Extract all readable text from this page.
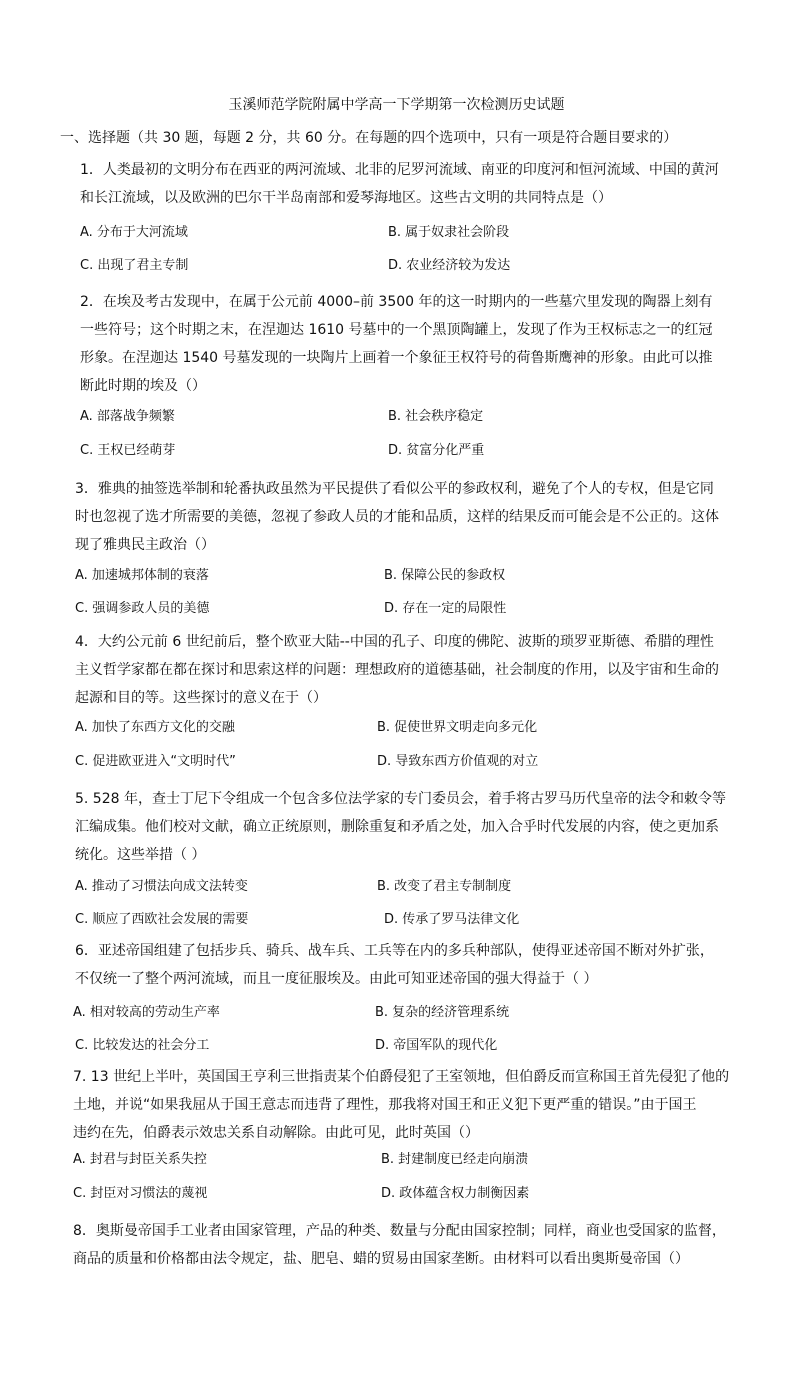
玉溪师范学院附属中学高一下学期第一次检测历史试题
一、选择题（共 30 题，每题 2 分，共 60 分。在每题的四个选项中，只有一项是符合题目要求的）

1．人类最初的文明分布在西亚的两河流域、北非的尼罗河流域、南亚的印度河和恒河流域、中国的黄河

和长江流域，以及欧洲的巴尔干半岛南部和爱琴海地区。这些古文明的共同特点是（）

A. 分布于大河流域	B. 属于奴隶社会阶段
C. 出现了君主专制	D. 农业经济较为发达

2．在埃及考古发现中，在属于公元前 4000–前 3500 年的这一时期内的一些墓穴里发现的陶器上刻有

一些符号；这个时期之末，在涅迦达 1610 号墓中的一个黑顶陶罐上，发现了作为王权标志之一的红冠

形象。在涅迦达 1540 号墓发现的一块陶片上画着一个象征王权符号的荷鲁斯鹰神的形象。由此可以推

断此时期的埃及（）

A. 部落战争频繁	B. 社会秩序稳定
C. 王权已经萌芽	D. 贫富分化严重

3．雅典的抽签选举制和轮番执政虽然为平民提供了看似公平的参政权利，避免了个人的专权，但是它同

时也忽视了选才所需要的美德，忽视了参政人员的才能和品质，这样的结果反而可能会是不公正的。这体

现了雅典民主政治（）

A. 加速城邦体制的衰落	B. 保障公民的参政权
C. 强调参政人员的美德	D. 存在一定的局限性

4．大约公元前 6 世纪前后，整个欧亚大陆--中国的孔子、印度的佛陀、波斯的琐罗亚斯德、希腊的理性

主义哲学家都在都在探讨和思索这样的问题：理想政府的道德基础，社会制度的作用，以及宇宙和生命的

起源和目的等。这些探讨的意义在于（）

A. 加快了东西方文化的交融	B. 促使世界文明走向多元化
C. 促进欧亚进入“文明时代”	D. 导致东西方价值观的对立

5. 528 年，查士丁尼下令组成一个包含多位法学家的专门委员会，着手将古罗马历代皇帝的法令和敕令等

汇编成集。他们校对文献，确立正统原则，删除重复和矛盾之处，加入合乎时代发展的内容，使之更加系

统化。这些举措（ ）

A. 推动了习惯法向成文法转变	B. 改变了君主专制制度
C. 顺应了西欧社会发展的需要	D. 传承了罗马法律文化

6．亚述帝国组建了包括步兵、骑兵、战车兵、工兵等在内的多兵种部队，使得亚述帝国不断对外扩张，

不仅统一了整个两河流域，而且一度征服埃及。由此可知亚述帝国的强大得益于（ ）

A. 相对较高的劳动生产率	B. 复杂的经济管理系统
C. 比较发达的社会分工	D. 帝国军队的现代化

7. 13 世纪上半叶，英国国王亨利三世指责某个伯爵侵犯了王室领地，但伯爵反而宣称国王首先侵犯了他的

土地，并说“如果我屈从于国王意志而违背了理性，那我将对国王和正义犯下更严重的错误。”由于国王

违约在先，伯爵表示效忠关系自动解除。由此可见，此时英国（）

A. 封君与封臣关系失控	B. 封建制度已经走向崩溃
C. 封臣对习惯法的蔑视	D. 政体蕴含权力制衡因素

8．奥斯曼帝国手工业者由国家管理，产品的种类、数量与分配由国家控制；同样，商业也受国家的监督，

商品的质量和价格都由法令规定，盐、肥皂、蜡的贸易由国家垄断。由材料可以看出奥斯曼帝国（）
